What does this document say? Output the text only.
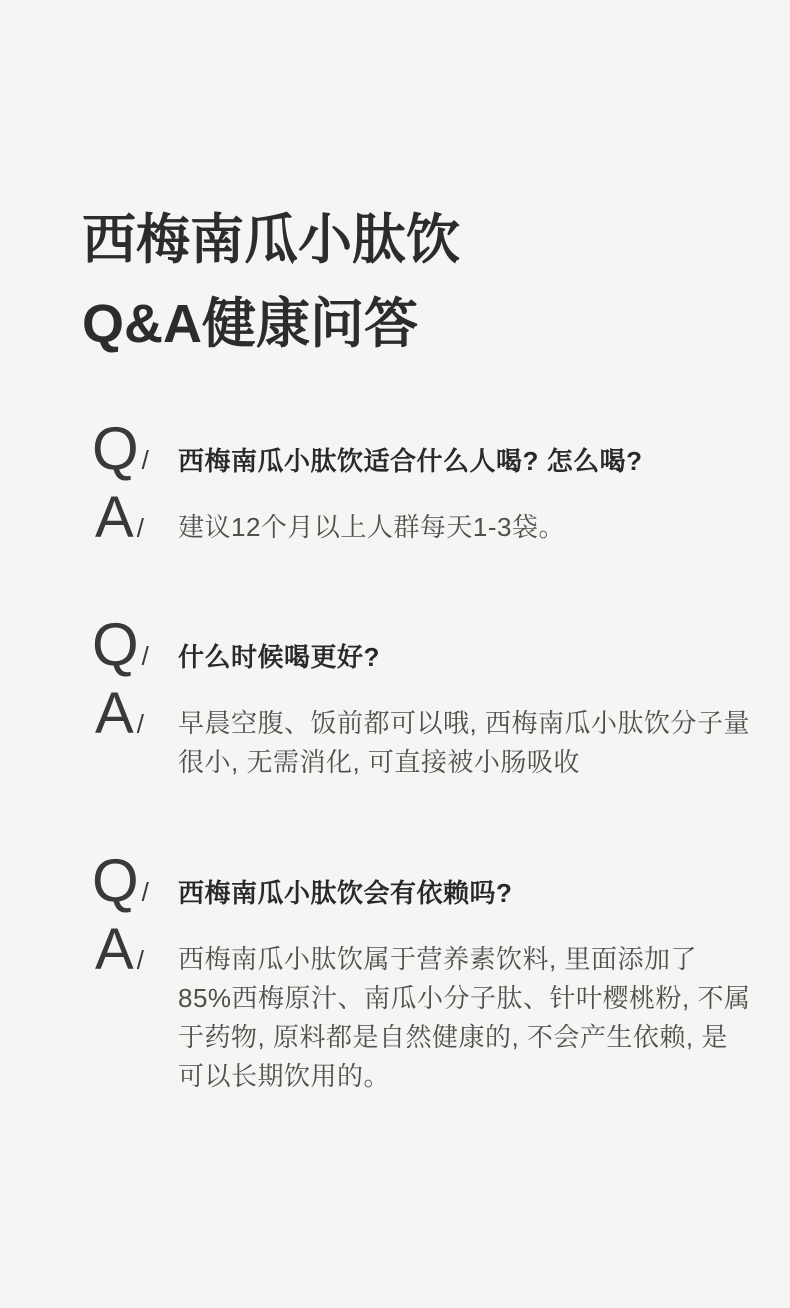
西梅南瓜小肽饮
Q&A健康问答
Q / 西梅南瓜小肽饮适合什么人喝? 怎么喝?
A / 建议12个月以上人群每天1-3袋。
Q / 什么时候喝更好?
A / 早晨空腹、饭前都可以哦, 西梅南瓜小肽饮分子量
很小, 无需消化, 可直接被小肠吸收
Q / 西梅南瓜小肽饮会有依赖吗?
A / 西梅南瓜小肽饮属于营养素饮料, 里面添加了
85%西梅原汁、南瓜小分子肽、针叶樱桃粉, 不属
于药物, 原料都是自然健康的, 不会产生依赖, 是
可以长期饮用的。
